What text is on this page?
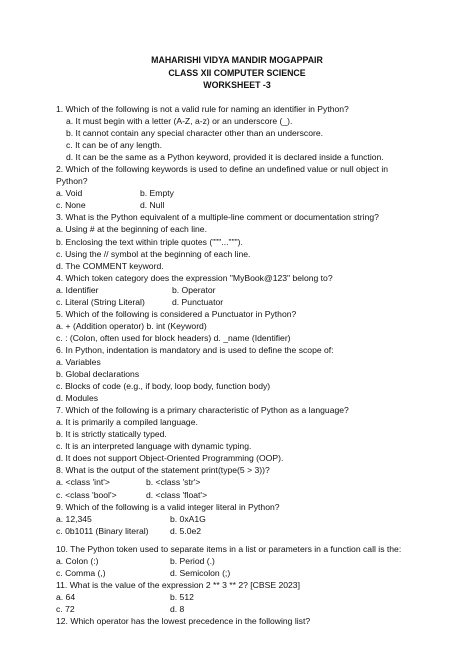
MAHARISHI VIDYA MANDIR MOGAPPAIR
CLASS XII COMPUTER SCIENCE
WORKSHEET -3
1. Which of the following is not a valid rule for naming an identifier in Python?
a. It must begin with a letter (A-Z, a-z) or an underscore (_).
b. It cannot contain any special character other than an underscore.
c. It can be of any length.
d. It can be the same as a Python keyword, provided it is declared inside a function.
2. Which of the following keywords is used to define an undefined value or null object in
Python?
a. Void	b. Empty
c. None	d. Null
3. What is the Python equivalent of a multiple-line comment or documentation string?
a. Using # at the beginning of each line.
b. Enclosing the text within triple quotes ("""...""").
c. Using the // symbol at the beginning of each line.
d. The COMMENT keyword.
4. Which token category does the expression "MyBook@123" belong to?
a. Identifier	b. Operator
c. Literal (String Literal)	d. Punctuator
5. Which of the following is considered a Punctuator in Python?
a. + (Addition operator) b. int (Keyword)
c. : (Colon, often used for block headers) d. _name (Identifier)
6. In Python, indentation is mandatory and is used to define the scope of:
a. Variables
b. Global declarations
c. Blocks of code (e.g., if body, loop body, function body)
d. Modules
7. Which of the following is a primary characteristic of Python as a language?
a. It is primarily a compiled language.
b. It is strictly statically typed.
c. It is an interpreted language with dynamic typing.
d. It does not support Object-Oriented Programming (OOP).
8. What is the output of the statement print(type(5 > 3))?
a. <class 'int'>	b. <class 'str'>
c. <class 'bool'>	d. <class 'float'>
9. Which of the following is a valid integer literal in Python?
a. 12,345	b. 0xA1G
c. 0b1011 (Binary literal)	d. 5.0e2
10. The Python token used to separate items in a list or parameters in a function call is the:
a. Colon (:)	b. Period (.)
c. Comma (,)	d. Semicolon (;)
11. What is the value of the expression 2 ** 3 ** 2? [CBSE 2023]
a. 64	b. 512
c. 72	d. 8
12. Which operator has the lowest precedence in the following list?
